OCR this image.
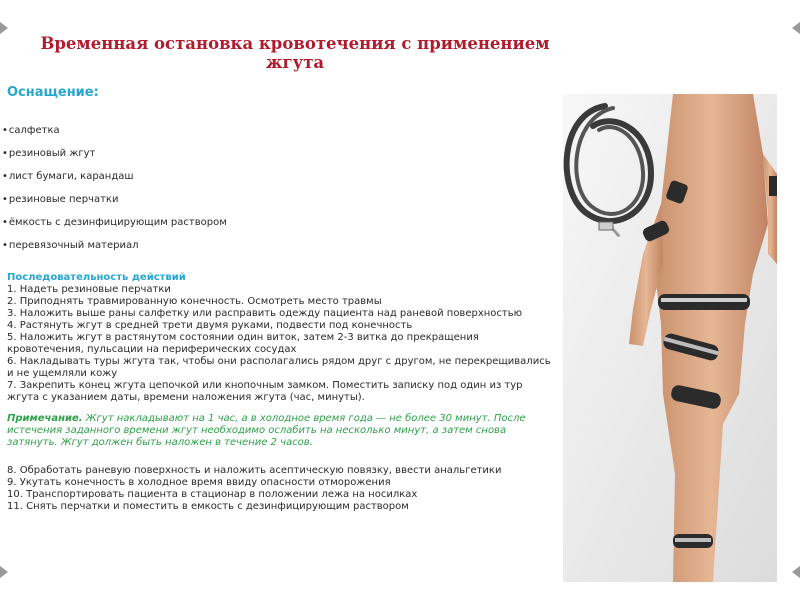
Временная остановка кровотечения с применением жгута
Оснащение:
• салфетка
• резиновый жгут
• лист бумаги, карандаш
• резиновые перчатки
• ёмкость с дезинфицирующим раствором
• перевязочный материал
Последовательность действий
1. Надеть резиновые перчатки
2. Приподнять травмированную конечность. Осмотреть место травмы
3. Наложить выше раны салфетку или расправить одежду пациента над раневой поверхностью
4. Растянуть жгут в средней трети двумя руками, подвести под конечность
5. Наложить жгут в растянутом состоянии один виток, затем 2-3 витка до прекращения кровотечения, пульсации на периферических сосудах
6. Накладывать туры жгута так, чтобы они располагались рядом друг с другом, не перекрещивались и не ущемляли кожу
7. Закрепить конец жгута цепочкой или кнопочным замком. Поместить записку под один из тур жгута с указанием даты, времени наложения жгута (час, минуты).
Примечание. Жгут накладывают на 1 час, а в холодное время года — не более 30 минут. После истечения заданного времени жгут необходимо ослабить на несколько минут, а затем снова затянуть. Жгут должен быть наложен в течение 2 часов.
8. Обработать раневую поверхность и наложить асептическую повязку, ввести анальгетики
9. Укутать конечность в холодное время ввиду опасности отморожения
10. Транспортировать пациента в стационар в положении лежа на носилках
11. Снять перчатки и поместить в емкость с дезинфицирующим раствором
